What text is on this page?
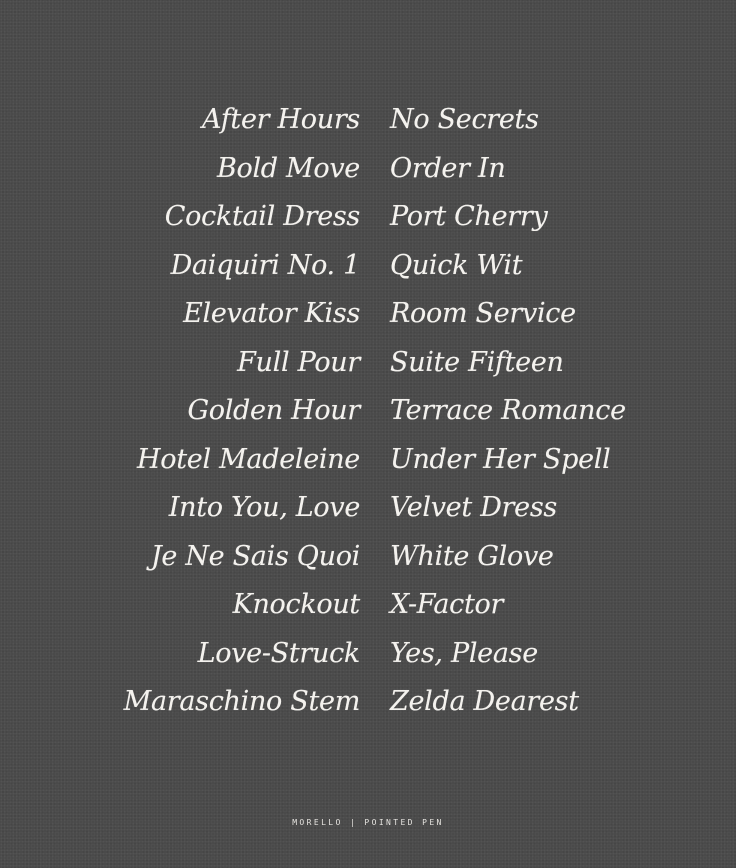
After Hours
Bold Move
Cocktail Dress
Daiquiri No. 1
Elevator Kiss
Full Pour
Golden Hour
Hotel Madeleine
Into You, Love
Je Ne Sais Quoi
Knockout
Love-Struck
Maraschino Stem
No Secrets
Order In
Port Cherry
Quick Wit
Room Service
Suite Fifteen
Terrace Romance
Under Her Spell
Velvet Dress
White Glove
X-Factor
Yes, Please
Zelda Dearest
MORELLO | POINTED PEN
